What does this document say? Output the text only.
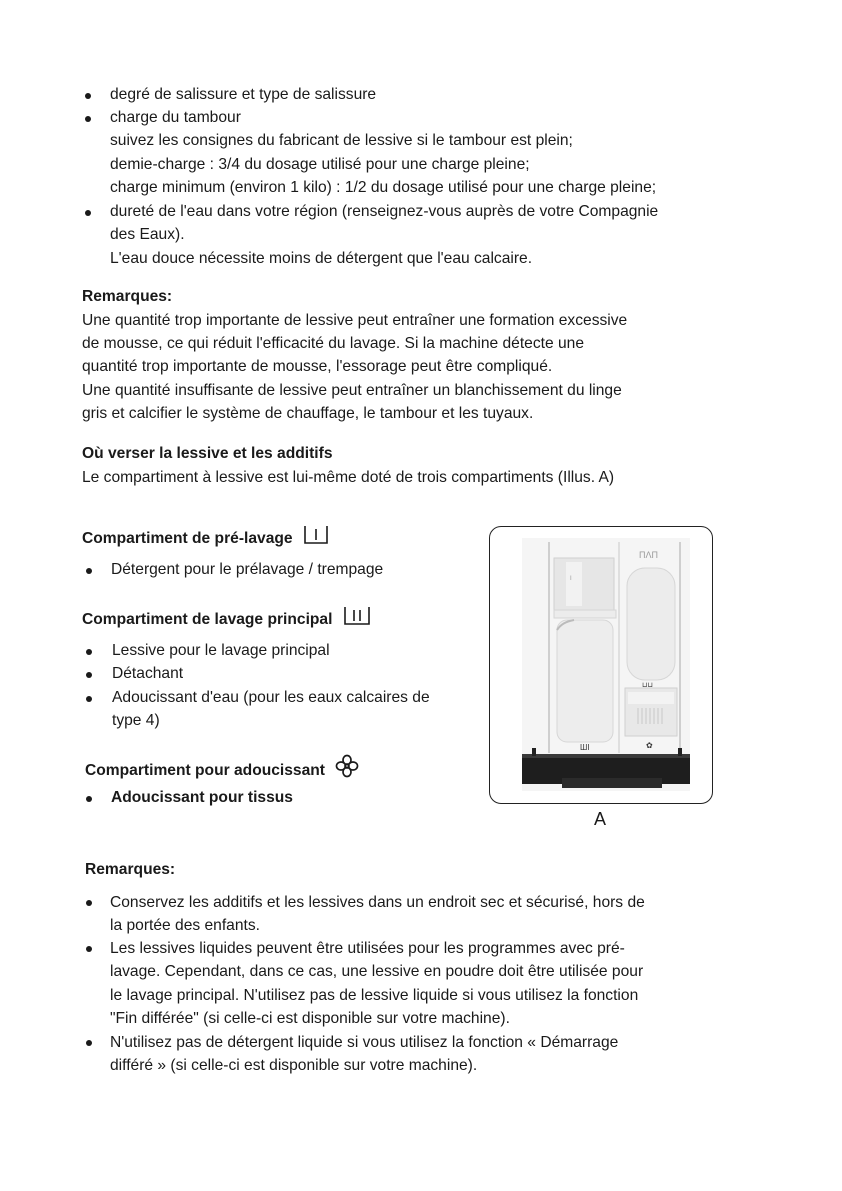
degré de salissure et type de salissure
charge du tambour
suivez les consignes du fabricant de lessive si le tambour est plein;
demie-charge : 3/4 du dosage utilisé pour une charge pleine;
charge minimum (environ 1 kilo) : 1/2 du dosage utilisé pour une charge pleine;
dureté de l'eau dans votre région (renseignez-vous auprès de votre Compagnie
des Eaux).
L'eau douce nécessite moins de détergent que l'eau calcaire.
Remarques:
Une quantité trop importante de lessive peut entraîner une formation excessive
de mousse, ce qui réduit l'efficacité du lavage. Si la machine détecte une
quantité trop importante de mousse, l'essorage peut être compliqué.
Une quantité insuffisante de lessive peut entraîner un blanchissement du linge
gris et calcifier le système de chauffage, le tambour et les tuyaux.
Où verser la lessive et les additifs
Le compartiment à lessive est lui-même doté de trois compartiments (Illus. A)
Compartiment de pré-lavage
Détergent pour le prélavage / trempage
Compartiment de lavage principal
Lessive pour le lavage principal
Détachant
Adoucissant d'eau (pour les eaux calcaires de
type 4)
Compartiment pour adoucissant
Adoucissant pour tissus
I
ΠΛΠ
⊔⊔
ШI	✿
A
Remarques:
Conservez les additifs et les lessives dans un endroit sec et sécurisé, hors de
la portée des enfants.
Les lessives liquides peuvent être utilisées pour les programmes avec pré-
lavage. Cependant, dans ce cas, une lessive en poudre doit être utilisée pour
le lavage principal. N'utilisez pas de lessive liquide si vous utilisez la fonction
"Fin différée" (si celle-ci est disponible sur votre machine).
N'utilisez pas de détergent liquide si vous utilisez la fonction « Démarrage
différé » (si celle-ci est disponible sur votre machine).
